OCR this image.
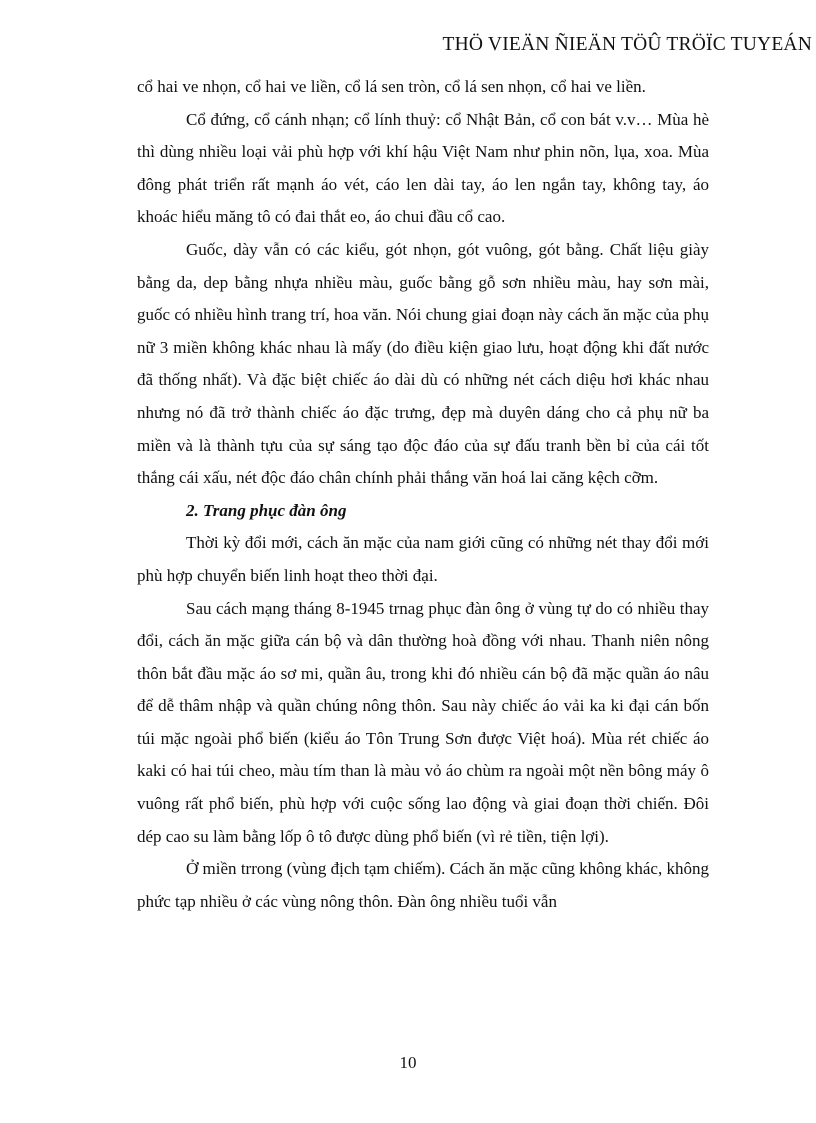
THÖ VIEÄN ÑIEÄN TÖÛ TRÖÏC TUYEÁN

cổ hai ve nhọn, cổ hai ve liền, cổ lá sen tròn, cổ lá sen nhọn, cổ hai ve liền.

Cổ đứng, cổ cánh nhạn; cổ lính thuỷ: cổ Nhật Bản, cổ con bát v.v… Mùa hè thì dùng nhiều loại vải phù hợp với khí hậu Việt Nam như phin nõn, lụa, xoa. Mùa đông phát triển rất mạnh áo vét, cáo len dài tay, áo len ngắn tay, không tay, áo khoác hiểu măng tô có đai thắt eo, áo chui đầu cổ cao.

Guốc, dày vẫn có các kiểu, gót nhọn, gót vuông, gót bằng. Chất liệu giày bằng da, dep bằng nhựa nhiều màu, guốc bằng gỗ sơn nhiều màu, hay sơn mài, guốc có nhiều hình trang trí, hoa văn. Nói chung giai đoạn này cách ăn mặc của phụ nữ 3 miền không khác nhau là mấy (do điều kiện giao lưu, hoạt động khi đất nước đã thống nhất). Và đặc biệt chiếc áo dài dù có những nét cách diệu hơi khác nhau nhưng nó đã trở thành chiếc áo đặc trưng, đẹp mà duyên dáng cho cả phụ nữ ba miền và là thành tựu của sự sáng tạo độc đáo của sự đấu tranh bền bỉ của cái tốt thắng cái xấu, nét độc đáo chân chính phải thắng văn hoá lai căng kệch cỡm.

2. Trang phục đàn ông

Thời kỳ đổi mới, cách ăn mặc của nam giới cũng có những nét thay đổi mới phù hợp chuyển biến linh hoạt theo thời đại.

Sau cách mạng tháng 8-1945 trnag phục đàn ông ở vùng tự do có nhiều thay đổi, cách ăn mặc giữa cán bộ và dân thường hoà đồng với nhau. Thanh niên nông thôn bắt đầu mặc áo sơ mi, quần âu, trong khi đó nhiều cán bộ đã mặc quần áo nâu để dễ thâm nhập và quần chúng nông thôn. Sau này chiếc áo vải ka ki đại cán bốn túi mặc ngoài phổ biến (kiểu áo Tôn Trung Sơn được Việt hoá). Mùa rét chiếc áo kaki có hai túi cheo, màu tím than là màu vỏ áo chùm ra ngoài một nền bông máy ô vuông rất phổ biến, phù hợp với cuộc sống lao động và giai đoạn thời chiến. Đôi dép cao su làm bằng lốp ô tô được dùng phổ biến (vì rẻ tiền, tiện lợi).

Ở miền trrong (vùng địch tạm chiếm). Cách ăn mặc cũng không khác, không phức tạp nhiều ở các vùng nông thôn. Đàn ông nhiều tuổi vẫn

10
